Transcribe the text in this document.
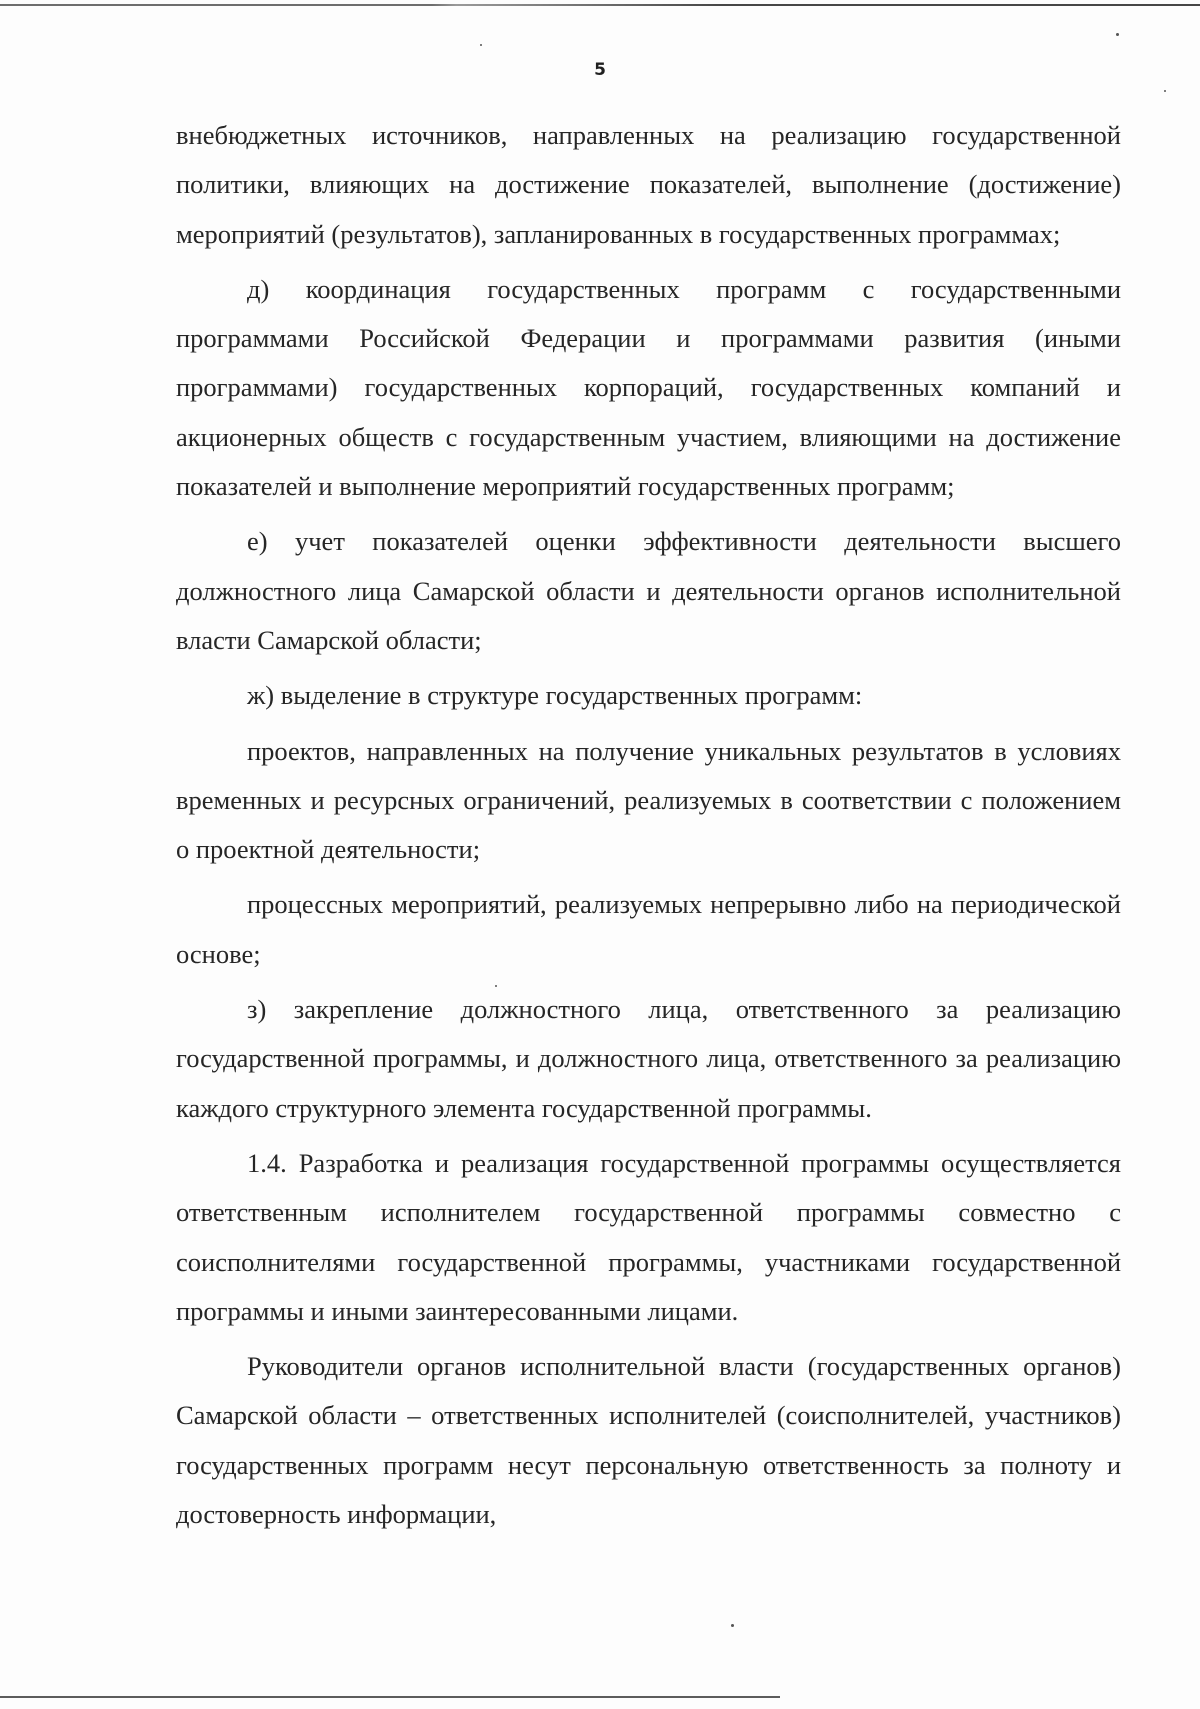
5

внебюджетных источников, направленных на реализацию государственной политики, влияющих на достижение показателей, выполнение (достижение) мероприятий (результатов), запланированных в государственных программах;

д) координация государственных программ с государственными программами Российской Федерации и программами развития (иными программами) государственных корпораций, государственных компаний и акционерных обществ с государственным участием, влияющими на достижение показателей и выполнение мероприятий государственных программ;

е) учет показателей оценки эффективности деятельности высшего должностного лица Самарской области и деятельности органов исполнительной власти Самарской области;

ж) выделение в структуре государственных программ:

проектов, направленных на получение уникальных результатов в условиях временных и ресурсных ограничений, реализуемых в соответствии с положением о проектной деятельности;

процессных мероприятий, реализуемых непрерывно либо на периодической основе;

з) закрепление должностного лица, ответственного за реализацию государственной программы, и должностного лица, ответственного за реализацию каждого структурного элемента государственной программы.

1.4. Разработка и реализация государственной программы осуществляется ответственным исполнителем государственной программы совместно с соисполнителями государственной программы, участниками государственной программы и иными заинтересованными лицами.

Руководители органов исполнительной власти (государственных органов) Самарской области – ответственных исполнителей (соисполнителей, участников) государственных программ несут персональную ответственность за полноту и достоверность информации,
